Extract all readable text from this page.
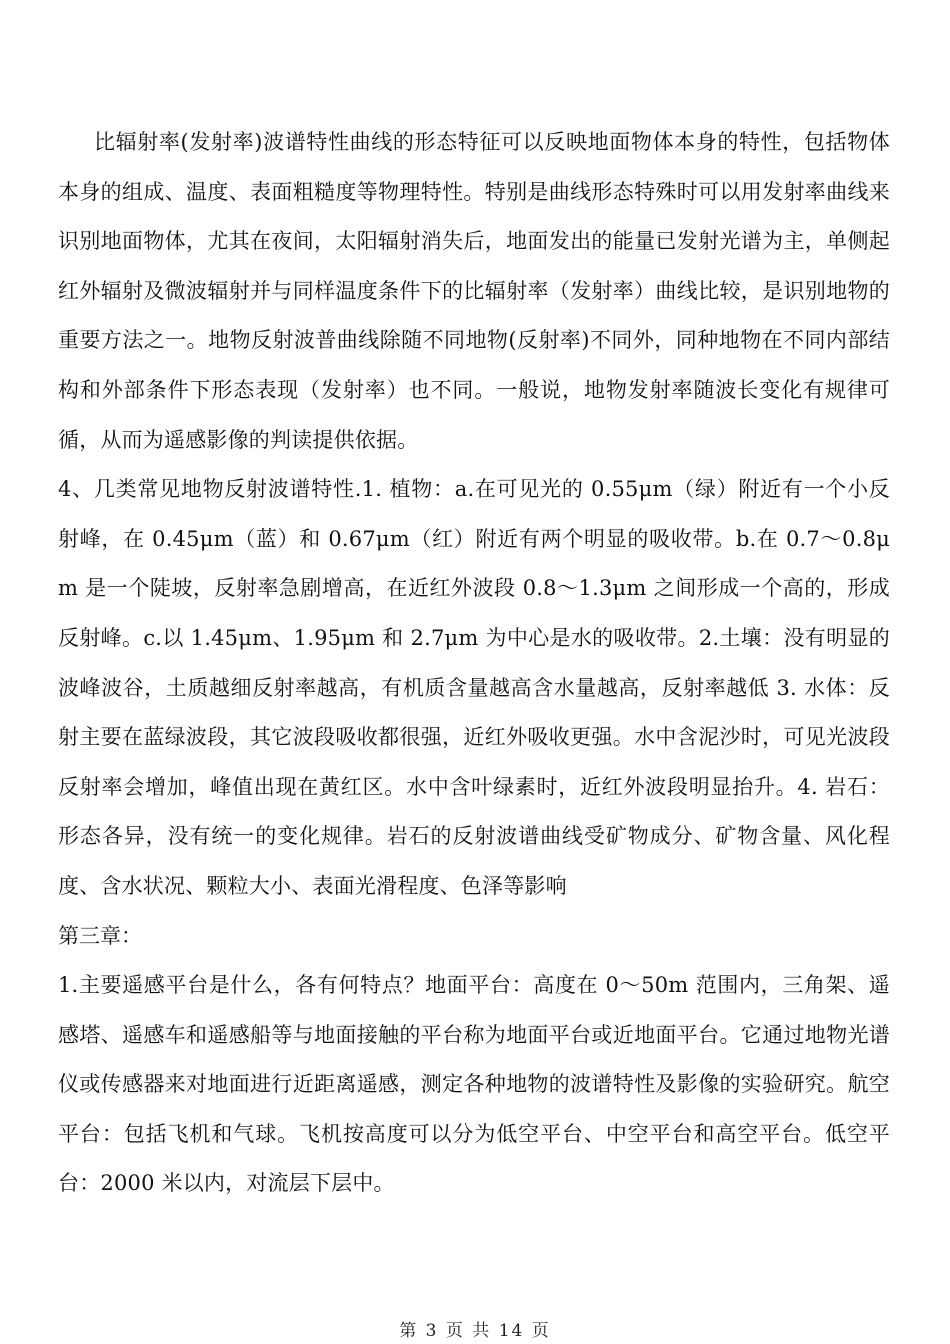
比辐射率(发射率)波谱特性曲线的形态特征可以反映地面物体本身的特性，包括物体本身的组成、温度、表面粗糙度等物理特性。特别是曲线形态特殊时可以用发射率曲线来识别地面物体，尤其在夜间，太阳辐射消失后，地面发出的能量已发射光谱为主，单侧起红外辐射及微波辐射并与同样温度条件下的比辐射率（发射率）曲线比较，是识别地物的重要方法之一。地物反射波普曲线除随不同地物(反射率)不同外，同种地物在不同内部结构和外部条件下形态表现（发射率）也不同。一般说，地物发射率随波长变化有规律可循，从而为遥感影像的判读提供依据。

4、几类常见地物反射波谱特性.1. 植物：a.在可见光的 0.55μm（绿）附近有一个小反射峰，在 0.45μm（蓝）和 0.67μm（红）附近有两个明显的吸收带。b.在 0.7～0.8μm 是一个陡坡，反射率急剧增高，在近红外波段 0.8～1.3μm 之间形成一个高的，形成反射峰。c.以 1.45μm、1.95μm 和 2.7μm 为中心是水的吸收带。2.土壤：没有明显的波峰波谷，土质越细反射率越高，有机质含量越高含水量越高，反射率越低 3. 水体：反射主要在蓝绿波段，其它波段吸收都很强，近红外吸收更强。水中含泥沙时，可见光波段反射率会增加，峰值出现在黄红区。水中含叶绿素时，近红外波段明显抬升。4. 岩石：形态各异，没有统一的变化规律。岩石的反射波谱曲线受矿物成分、矿物含量、风化程度、含水状况、颗粒大小、表面光滑程度、色泽等影响

第三章：

1.主要遥感平台是什么，各有何特点？地面平台：高度在 0～50m 范围内，三角架、遥感塔、遥感车和遥感船等与地面接触的平台称为地面平台或近地面平台。它通过地物光谱仪或传感器来对地面进行近距离遥感，测定各种地物的波谱特性及影像的实验研究。航空平台：包括飞机和气球。飞机按高度可以分为低空平台、中空平台和高空平台。低空平台：2000 米以内，对流层下层中。

第 3 页 共 14 页
